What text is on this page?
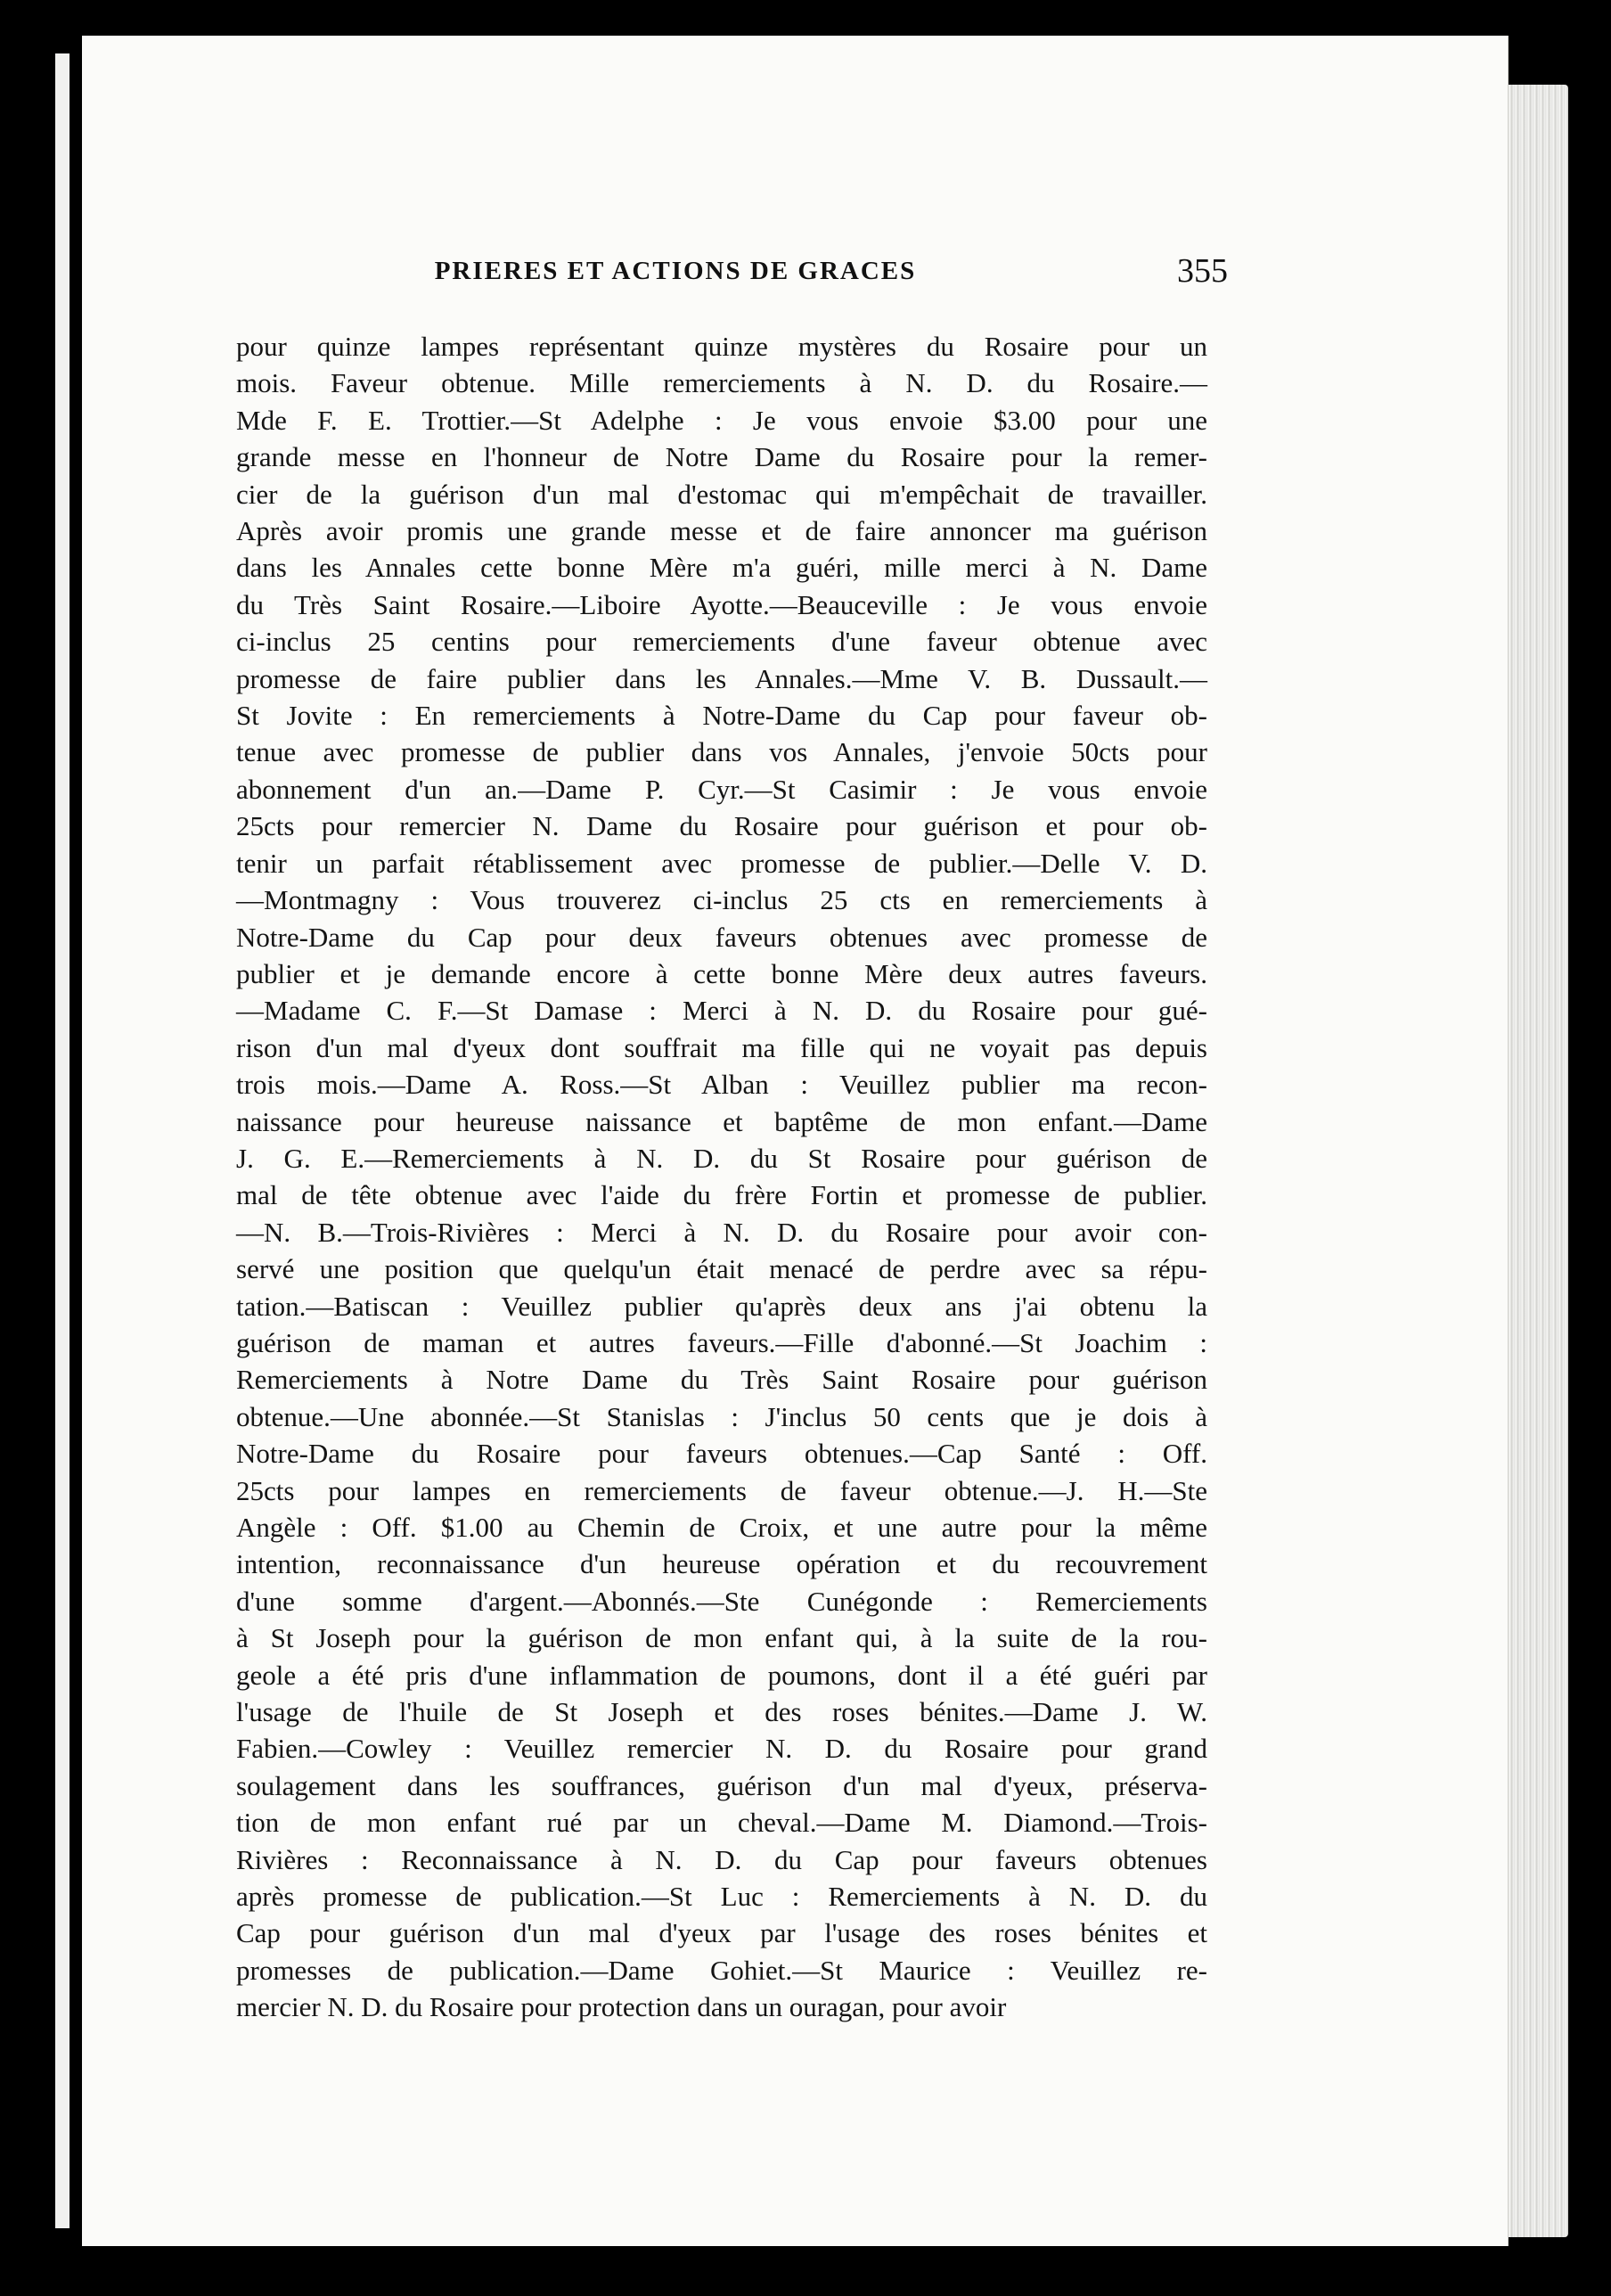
PRIERES ET ACTIONS DE GRACES	355
pour quinze lampes représentant quinze mystères du Rosaire pour un
mois. Faveur obtenue. Mille remerciements à N. D. du Rosaire.—
Mde F. E. Trottier.—St Adelphe : Je vous envoie $3.00 pour une
grande messe en l'honneur de Notre Dame du Rosaire pour la remer-
cier de la guérison d'un mal d'estomac qui m'empêchait de travailler.
Après avoir promis une grande messe et de faire annoncer ma guérison
dans les Annales cette bonne Mère m'a guéri, mille merci à N. Dame
du Très Saint Rosaire.—Liboire Ayotte.—Beauceville : Je vous envoie
ci-inclus 25 centins pour remerciements d'une faveur obtenue avec
promesse de faire publier dans les Annales.—Mme V. B. Dussault.—
St Jovite : En remerciements à Notre-Dame du Cap pour faveur ob-
tenue avec promesse de publier dans vos Annales, j'envoie 50cts pour
abonnement d'un an.—Dame P. Cyr.—St Casimir : Je vous envoie
25cts pour remercier N. Dame du Rosaire pour guérison et pour ob-
tenir un parfait rétablissement avec promesse de publier.—Delle V. D.
—Montmagny : Vous trouverez ci-inclus 25 cts en remerciements à
Notre-Dame du Cap pour deux faveurs obtenues avec promesse de
publier et je demande encore à cette bonne Mère deux autres faveurs.
—Madame C. F.—St Damase : Merci à N. D. du Rosaire pour gué-
rison d'un mal d'yeux dont souffrait ma fille qui ne voyait pas depuis
trois mois.—Dame A. Ross.—St Alban : Veuillez publier ma recon-
naissance pour heureuse naissance et baptême de mon enfant.—Dame
J. G. E.—Remerciements à N. D. du St Rosaire pour guérison de
mal de tête obtenue avec l'aide du frère Fortin et promesse de publier.
—N. B.—Trois-Rivières : Merci à N. D. du Rosaire pour avoir con-
servé une position que quelqu'un était menacé de perdre avec sa répu-
tation.—Batiscan : Veuillez publier qu'après deux ans j'ai obtenu la
guérison de maman et autres faveurs.—Fille d'abonné.—St Joachim :
Remerciements à Notre Dame du Très Saint Rosaire pour guérison
obtenue.—Une abonnée.—St Stanislas : J'inclus 50 cents que je dois à
Notre-Dame du Rosaire pour faveurs obtenues.—Cap Santé : Off.
25cts pour lampes en remerciements de faveur obtenue.—J. H.—Ste
Angèle : Off. $1.00 au Chemin de Croix, et une autre pour la même
intention, reconnaissance d'un heureuse opération et du recouvrement
d'une somme d'argent.—Abonnés.—Ste Cunégonde : Remerciements
à St Joseph pour la guérison de mon enfant qui, à la suite de la rou-
geole a été pris d'une inflammation de poumons, dont il a été guéri par
l'usage de l'huile de St Joseph et des roses bénites.—Dame J. W.
Fabien.—Cowley : Veuillez remercier N. D. du Rosaire pour grand
soulagement dans les souffrances, guérison d'un mal d'yeux, préserva-
tion de mon enfant rué par un cheval.—Dame M. Diamond.—Trois-
Rivières : Reconnaissance à N. D. du Cap pour faveurs obtenues
après promesse de publication.—St Luc : Remerciements à N. D. du
Cap pour guérison d'un mal d'yeux par l'usage des roses bénites et
promesses de publication.—Dame Gohiet.—St Maurice : Veuillez re-
mercier N. D. du Rosaire pour protection dans un ouragan, pour avoir
